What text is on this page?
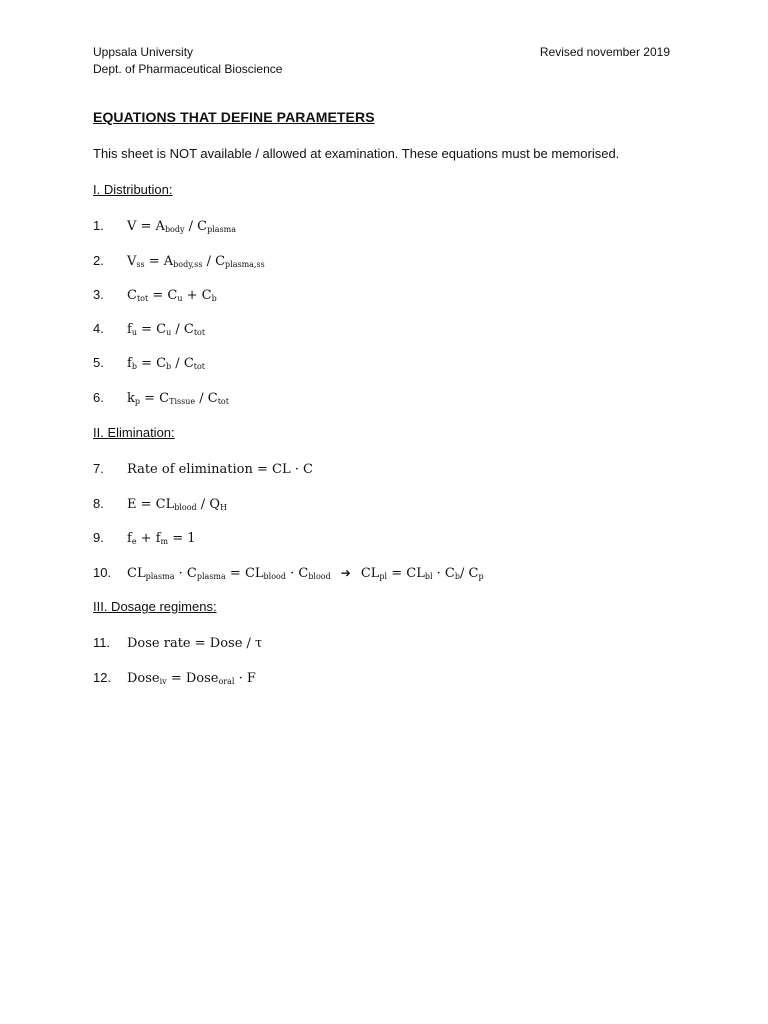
Uppsala University
Dept. of Pharmaceutical Bioscience
Revised november 2019
EQUATIONS THAT DEFINE PARAMETERS
This sheet is NOT available / allowed at examination. These equations must be memorised.
I. Distribution:
1. $V = A_{body} / C_{plasma}$
2. $V_{ss} = A_{body,ss} / C_{plasma,ss}$
3. $C_{tot} = C_u + C_b$
4. $f_u = C_u / C_{tot}$
5. $f_b = C_b / C_{tot}$
6. $k_p = C_{Tissue} / C_{tot}$
II. Elimination:
7. Rate of elimination = CL · C
8. $E = CL_{blood} / Q_H$
9. $f_e + f_m = 1$
10. $CL_{plasma} \cdot C_{plasma} = CL_{blood} \cdot C_{blood}$ ➔ $CL_{pl} = CL_{bl} \cdot C_b/$ $C_p$
III. Dosage regimens:
11. Dose rate = Dose / τ
12. Dose$_{iv}$ = Dose$_{oral}$ · F
